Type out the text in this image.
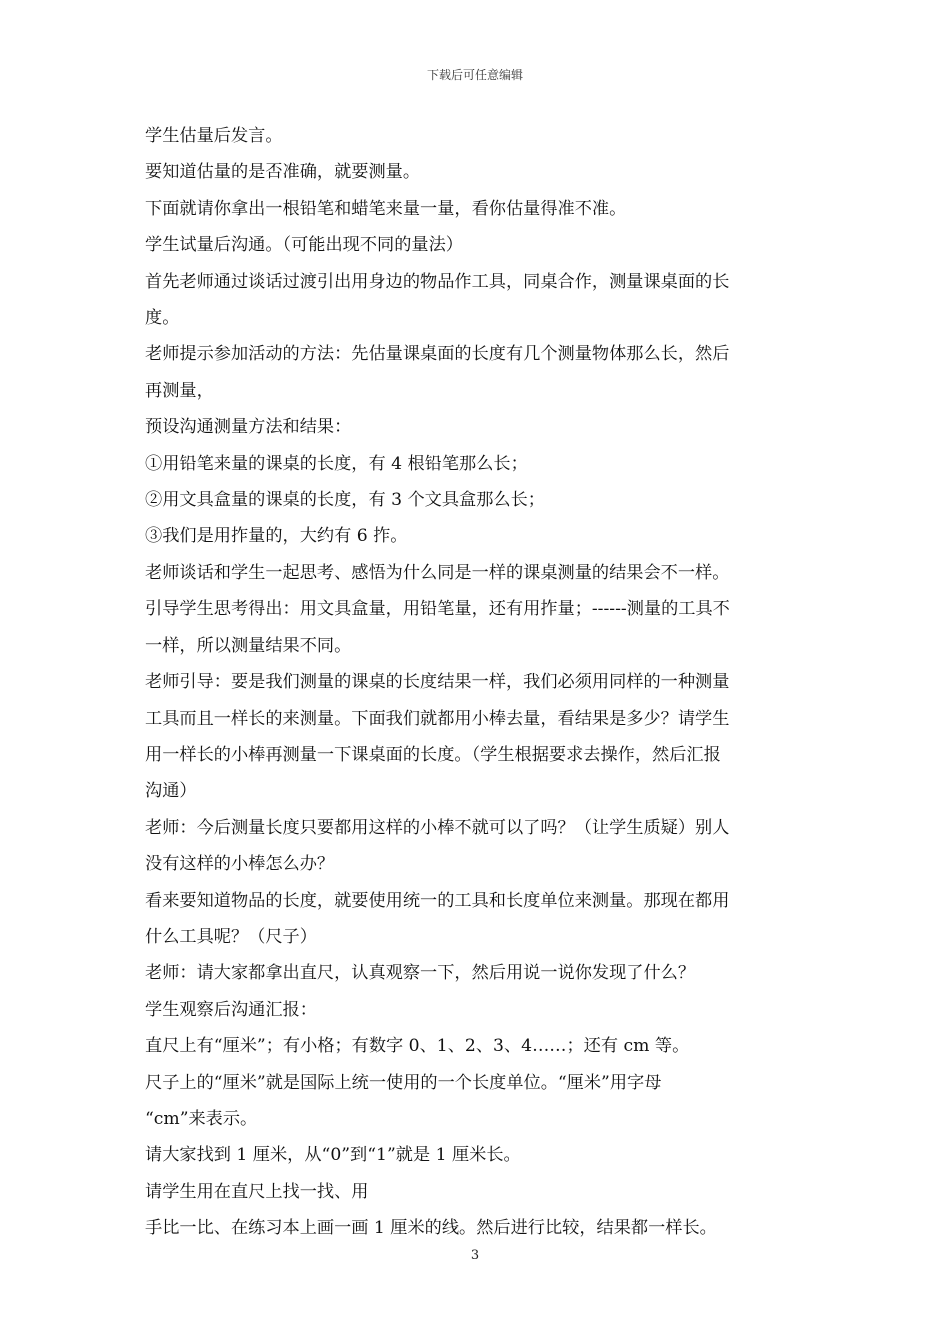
下载后可任意编辑

学生估量后发言。

要知道估量的是否准确，就要测量。

下面就请你拿出一根铅笔和蜡笔来量一量，看你估量得准不准。

学生试量后沟通。（可能出现不同的量法）

首先老师通过谈话过渡引出用身边的物品作工具，同桌合作，测量课桌面的长

度。

老师提示参加活动的方法：先估量课桌面的长度有几个测量物体那么长，然后

再测量，

预设沟通测量方法和结果：

①用铅笔来量的课桌的长度，有 4 根铅笔那么长；

②用文具盒量的课桌的长度，有 3 个文具盒那么长；

③我们是用拃量的，大约有 6 拃。

老师谈话和学生一起思考、感悟为什么同是一样的课桌测量的结果会不一样。

引导学生思考得出：用文具盒量，用铅笔量，还有用拃量；------测量的工具不

一样，所以测量结果不同。

老师引导：要是我们测量的课桌的长度结果一样，我们必须用同样的一种测量

工具而且一样长的来测量。下面我们就都用小棒去量，看结果是多少？请学生

用一样长的小棒再测量一下课桌面的长度。（学生根据要求去操作，然后汇报

沟通）

老师：今后测量长度只要都用这样的小棒不就可以了吗？（让学生质疑）别人

没有这样的小棒怎么办？

看来要知道物品的长度，就要使用统一的工具和长度单位来测量。那现在都用

什么工具呢？（尺子）

老师：请大家都拿出直尺，认真观察一下，然后用说一说你发现了什么？

学生观察后沟通汇报：

直尺上有“厘米”；有小格；有数字 0、1、2、3、4……；还有 cm 等。

尺子上的“厘米”就是国际上统一使用的一个长度单位。“厘米”用字母

“cm”来表示。

请大家找到 1 厘米，从“0”到“1”就是 1 厘米长。

请学生用在直尺上找一找、用

手比一比、在练习本上画一画 1 厘米的线。然后进行比较，结果都一样长。

3
